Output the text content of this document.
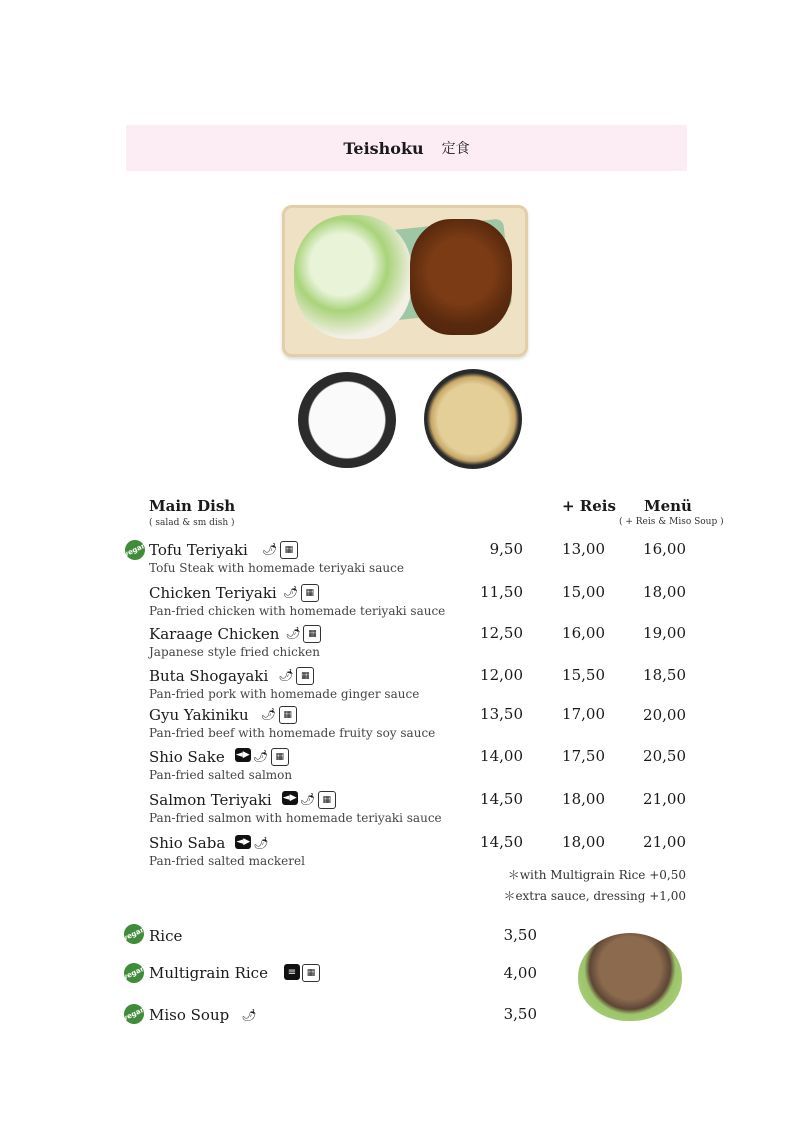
Teishoku 定食
Main Dish
( salad & sm dish )
+ Reis Menü
( + Reis & Miso Soup )
vegan Tofu Teriyaki 🌶 ▦
Tofu Steak with homemade teriyaki sauce
9,50	13,00	16,00
Chicken Teriyaki 🌶 ▦
Pan-fried chicken with homemade teriyaki sauce
11,50	15,00	18,00
Karaage Chicken 🌶 ▦
Japanese style fried chicken
12,50	16,00	19,00
Buta Shogayaki 🌶 ▦
Pan-fried pork with homemade ginger sauce
12,00	15,50	18,50
Gyu Yakiniku 🌶 ▦
Pan-fried beef with homemade fruity soy sauce
13,50	17,00	20,00
Shio Sake ◄▶ 🌶 ▦
Pan-fried salted salmon
14,00	17,50	20,50
Salmon Teriyaki ◄▶ 🌶 ▦
Pan-fried salmon with homemade teriyaki sauce
14,50	18,00	21,00
Shio Saba ◄▶ 🌶
Pan-fried salted mackerel
14,50	18,00	21,00
＊with Multigrain Rice +0,50
＊extra sauce, dressing +1,00
vegan Rice	3,50
vegan Multigrain Rice	≡	▦	4,00
vegan Miso Soup 🌶	3,50
